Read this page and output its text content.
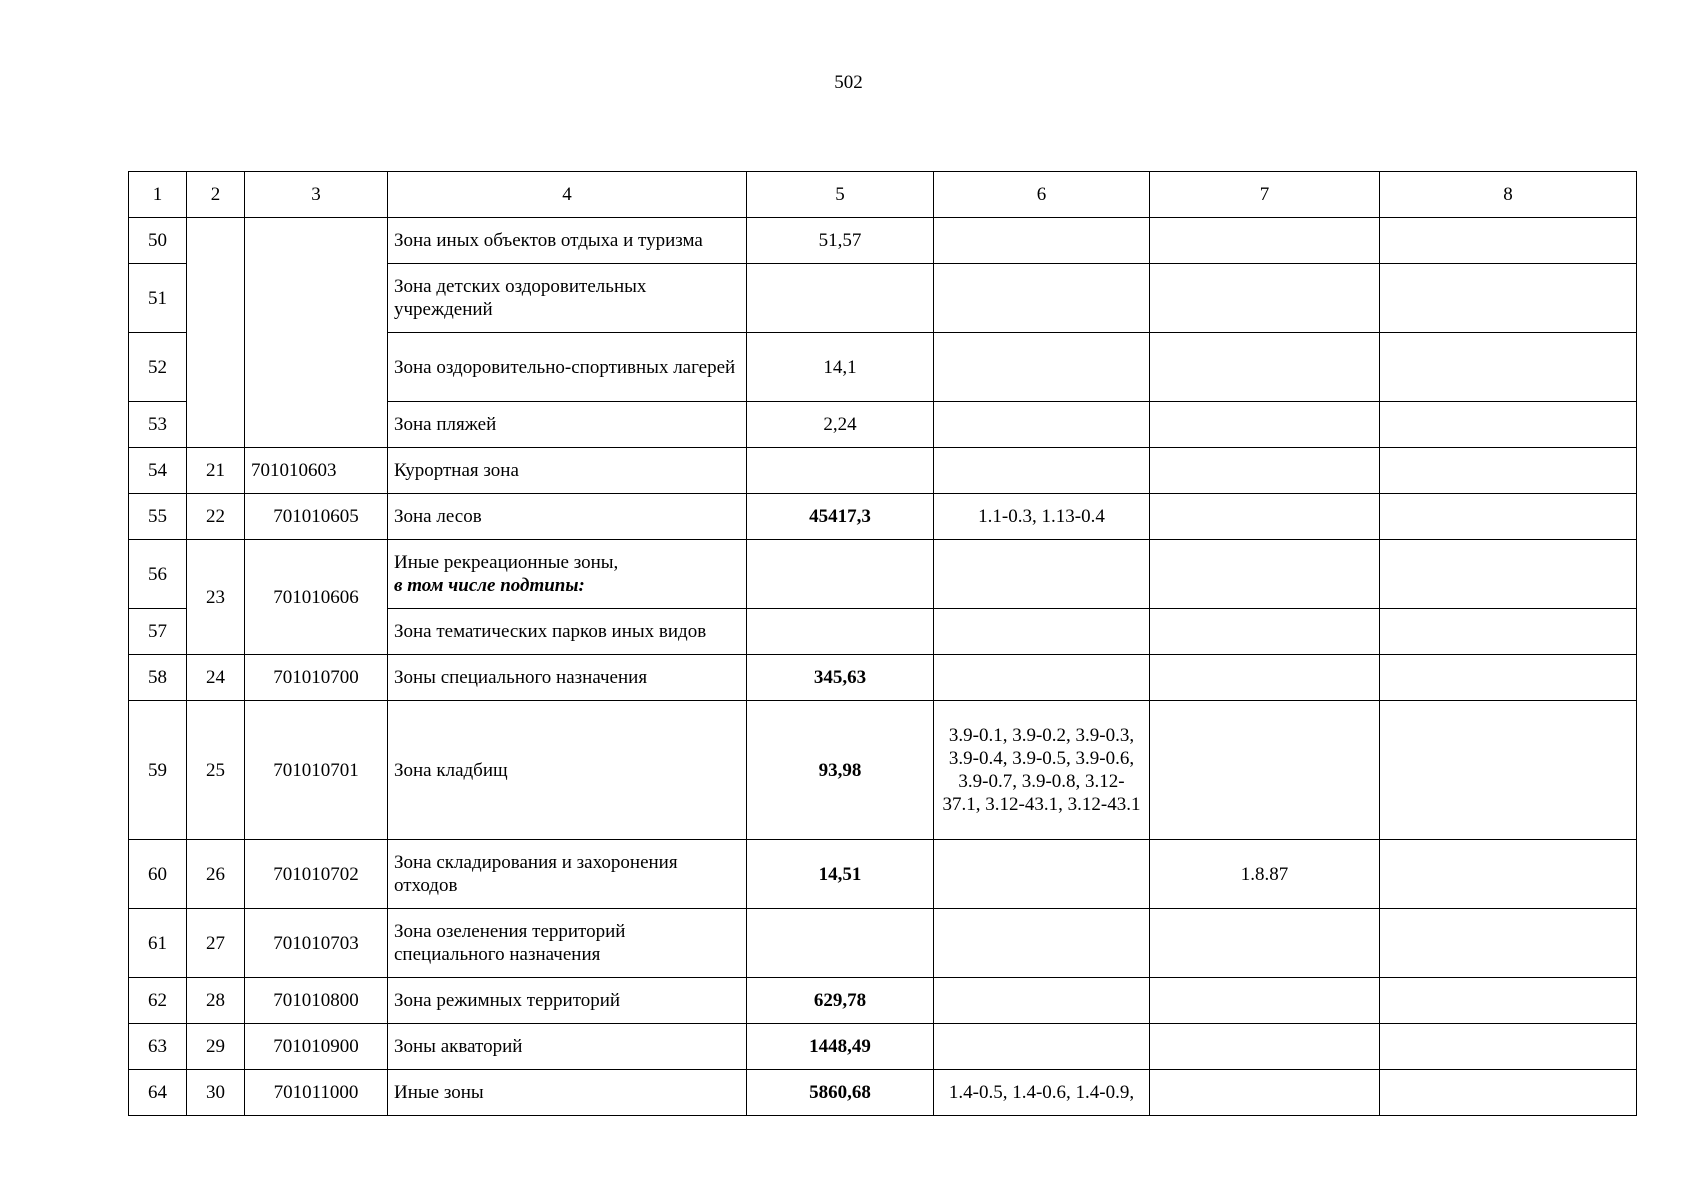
502
1	2	3	4	5	6	7	8
50			Зона иных объектов отдыха и туризма	51,57			
51			Зона детских оздоровительных учреждений				
52			Зона оздоровительно-спортивных лагерей	14,1			
53			Зона пляжей	2,24			
54	21	701010603	Курортная зона				
55	22	701010605	Зона лесов	45417,3	1.1-0.3, 1.13-0.4		
56	23	701010606	Иные рекреационные зоны,
в том числе подтипы:				

57			Зона тематических парков иных видов				
58	24	701010700	Зоны специального назначения	345,63			
59	25	701010701	Зона кладбищ	93,98	3.9-0.1, 3.9-0.2, 3.9-0.3, 3.9-0.4, 3.9-0.5, 3.9-0.6, 3.9-0.7, 3.9-0.8, 3.12-37.1, 3.12-43.1, 3.12-43.1		
60	26	701010702	Зона складирования и захоронения отходов	14,51		1.8.87	
61	27	701010703	Зона озеленения территорий специального назначения				
62	28	701010800	Зона режимных территорий	629,78			
63	29	701010900	Зоны акваторий	1448,49			
64	30	701011000	Иные зоны	5860,68	1.4-0.5, 1.4-0.6, 1.4-0.9,		
